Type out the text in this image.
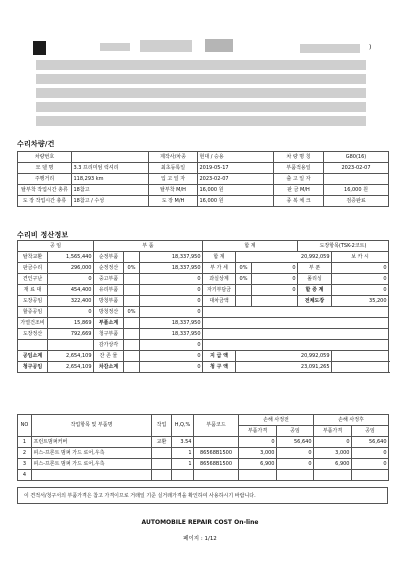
)
수리차량/건
차량번호		제작사/차종	현대 / 승용	차 량 명 칭	G80(16)
모 델 명	3.3 프리미엄 럭셔리	최초등록일	2019-05-17	부품적용일	2023-02-07
주행거리	118,293 km	입 고 일 자	2023-02-07	출 고 일 자	
탈부착 작업시간 총류	18참고	탈부착 M/H	16,000 원	판 금 M/H	16,000 원
도 장 작업시간 총류	18참고 / 수성	도 장 M/H	16,000 원	종 복 체 크	검증완료
수리비 정산정보
공 임		부 품			합 계			도장항목(TSK-2코트)		
탈착교환	1,565,440	순정부품		18,337,950	합 계	20,992,059			보 카 시	
판금수리	296,000	순정정산	0%	18,337,950	부 가 세	0%	0	부 푼	0	
견인구난	0	중고부품		0	과실상계	0%	0	폴리싱	0	
재 료 대	454,400	유리부품		0	자기부담금		0	할 증 계	0	
도장공임	322,400	방청부품		0	대차금액			전체도장	35,200	
할증공임	0	방청정산	0%	0						
가열건조비	15,869	부품소계		18,337,950						
도장정산	792,669	청구부품		18,337,950						
		감가상각		0						
공임소계	2,654,109	잔 존 물		0	지 급 액	20,992,059				
청구공임	2,654,109	차감소계		0	청 구 액	23,091,265				
NO	작업항목 및 부품명	작업	H,Q,%	부품코드	손해 사정전		손해 사정후	
					부품가격	공임	부품가격	공임
1	프런트범퍼커버	교환	3.54		0	56,640	0	56,640
2	피스-프론트 범퍼 가드 로어,우측		1	86568B1500	3,000	0	3,000	0
3	피스-프론트 범퍼 가드 로어,우측		1	86568B1500	6,900	0	6,900	0
4								
이 견적서/청구서의 부품가격은 참고 가격이므로 거래일 기준 실거래가격을 확인하여 사용하시기 바랍니다.
AUTOMOBILE REPAIR COST On-line
페이지 : 1/12
